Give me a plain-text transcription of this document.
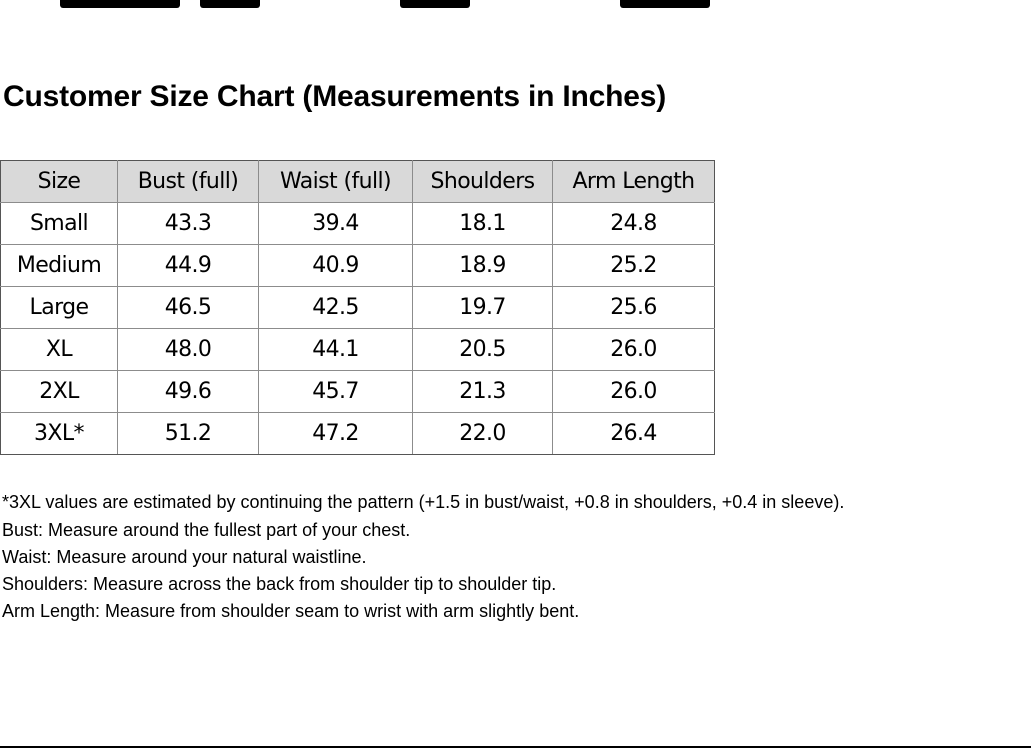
Customer Size Chart (Measurements in Inches)
Size	Bust (full)	Waist (full)	Shoulders	Arm Length
Small	43.3	39.4	18.1	24.8
Medium	44.9	40.9	18.9	25.2
Large	46.5	42.5	19.7	25.6
XL	48.0	44.1	20.5	26.0
2XL	49.6	45.7	21.3	26.0
3XL*	51.2	47.2	22.0	26.4

*3XL values are estimated by continuing the pattern (+1.5 in bust/waist, +0.8 in shoulders, +0.4 in sleeve).

Bust: Measure around the fullest part of your chest.

Waist: Measure around your natural waistline.

Shoulders: Measure across the back from shoulder tip to shoulder tip.

Arm Length: Measure from shoulder seam to wrist with arm slightly bent.
